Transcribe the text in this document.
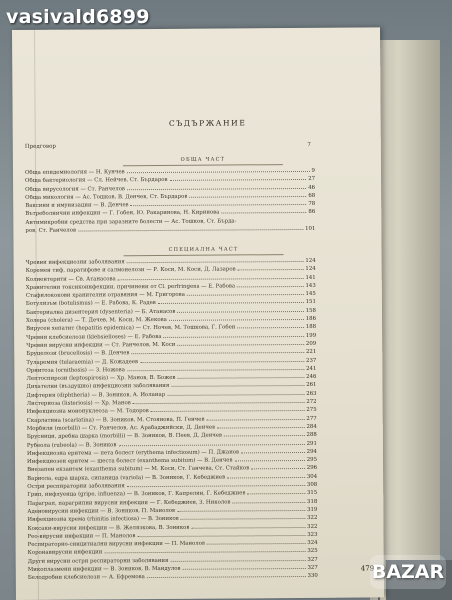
СЪДЪРЖАНИЕ
Предговор	7
ОБЩА ЧАСТ
Обща епидемиология — Н. Кунчев	9
Обща бактериология — Сл. Нейчев, Ст. Бърдаров	27
Обща вирусология — Ст. Ранчелов	46
Обща микология — Ас. Тошков, В. Денчев, Ст. Бърдаров	68
Ваксини и имунизации — В. Денчев	78
Вътреболнични инфекции — Г. Гобен, Ю. Ракаринова, Н. Киринова	86
Антимикробни средства при заразните болести — Ас. Тошков, Ст. Бърда-
ров, Ст. Ранчелов	101
СПЕЦИАЛНА ЧАСТ
Чревни инфекциозни заболявания	124
Коремен тиф, паратифове и салмонелози — Р. Коси, М. Коси, Д. Лазаров	124
Колиентерити — Св. Атанасова	141
Хранителни токсикоинфекции, причинени от Cl. perfringens — Е. Рабова	143
Стафилококови хранителни отравяния — М. Григорова	145
Ботулизъм (botulismus) — Е. Рабова, К. Радев	151
Бактериална дизентерия (dysenteria) — Б. Атанасов	158
Холера (cholera) — Т. Дечев, М. Коси, М. Жекова	186
Вирусен хепатит (hepatitis epidemica) — Ст. Ночев, М. Тошкова, Г. Гобен	188
Чревни клебсиелози (klebsielloses) — Е. Рабова	199
Чревни вирусни инфекции — Ст. Ранчелов, М. Коси	209
Бруцелози (brucellosis) — В. Денчев	221
Туларемия (tularaemia) — Д. Кожадеев	237
Орнитоза (ornithosis) — З. Ножова	241
Лептоспирози (leptospirosis) — Хр. Манов, В. Божев	246
Дихателни (въздушно) инфекциозни заболявания	261
Дифтерия (diphtheria) — В. Зоников, А. Йоланар	263
Листериоза (listeriosis) — Хр. Манов	272
Инфекциозна мононуклеоза — М. Тодоров	275
Скарлатина (scarlatina) — В. Зоников, М. Стоянова, П. Генчев	277
Морбили (morbilli) — Ст. Ранчелов, Ас. Арабаджийски, Д. Денчев	284
Брусници, дребна шарка (morbilli) — В. Зоников, В. Пеев, Д. Денчев	288
Рубеола (rubeola) — В. Зоников	291
Инфекциозна еритема — пета болест (erythema infectiosum) — П. Джанов	294
Инфекциозен еритем — шеста болест (exanthema subitum) — В. Денчев	295
Внезапен екзантем (exanthema subitum) — М. Коси, Ст. Ганчева, Ст. Стайков	296
Вариола, едра шарка, сипаница (variola) — В. Зоников, Г. Кебеджиев	304
Остри респираторни заболявания	308
Грип, инфлуенца (gripe, influenza) — В. Зоников, Г. Капрелян, Г. Кебеджиев	315
Параграп, парагрипни вирусни инфекции — Г. Кебеджиев, З. Николов	318
Аденовирусни инфекции — В. Зоников, П. Манолов	319
Инфекциозна хрема (rhinitis infectiosa) — В. Зоников	322
Коксаки-вирусни инфекции — В. Желязкова, В. Зоников	322
Рео-вирусни инфекции — П. Манолов	323
Респираторно-синцитиални вирусни инфекции — П. Манолов	324
Коронавирусни инфекции	325
Други вирусни остри респираторни заболявания	327
Микоплазмени инфекции — В. Зоников, В. Мандулов	327
Белодробни клебсиелози — А. Ефремова	330
479
vasivald6899
BAZAR
